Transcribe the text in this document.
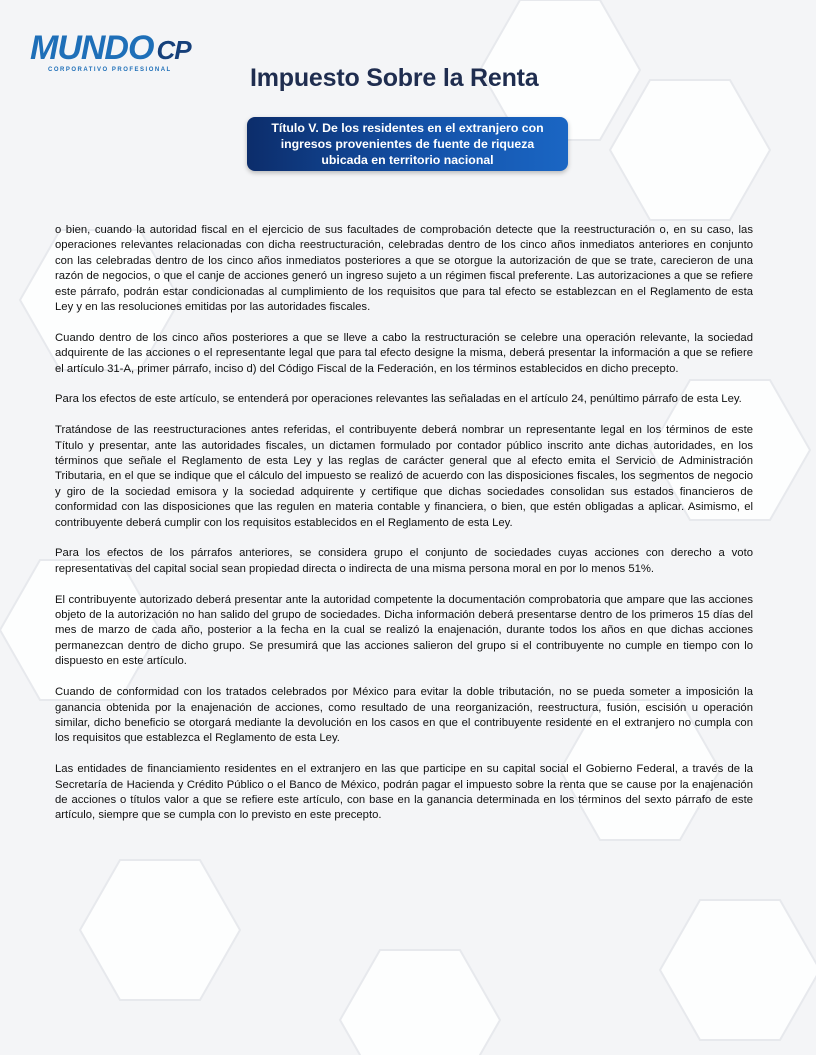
MUNDO CP
CORPORATIVO PROFESIONAL	Impuesto Sobre la Renta
Título V. De los residentes en el extranjero con
ingresos provenientes de fuente de riqueza
ubicada en territorio nacional

o bien, cuando la autoridad fiscal en el ejercicio de sus facultades de comprobación detecte que la reestructuración o, en su caso, las operaciones relevantes relacionadas con dicha reestructuración, celebradas dentro de los cinco años inmediatos anteriores en conjunto con las celebradas dentro de los cinco años inmediatos posteriores a que se otorgue la autorización de que se trate, carecieron de una razón de negocios, o que el canje de acciones generó un ingreso sujeto a un régimen fiscal preferente. Las autorizaciones a que se refiere este párrafo, podrán estar condicionadas al cumplimiento de los requisitos que para tal efecto se establezcan en el Reglamento de esta Ley y en las resoluciones emitidas por las autoridades fiscales.

Cuando dentro de los cinco años posteriores a que se lleve a cabo la restructuración se celebre una operación relevante, la sociedad adquirente de las acciones o el representante legal que para tal efecto designe la misma, deberá presentar la información a que se refiere el artículo 31-A, primer párrafo, inciso d) del Código Fiscal de la Federación, en los términos establecidos en dicho precepto.

Para los efectos de este artículo, se entenderá por operaciones relevantes las señaladas en el artículo 24, penúltimo párrafo de esta Ley.

Tratándose de las reestructuraciones antes referidas, el contribuyente deberá nombrar un representante legal en los términos de este Título y presentar, ante las autoridades fiscales, un dictamen formulado por contador público inscrito ante dichas autoridades, en los términos que señale el Reglamento de esta Ley y las reglas de carácter general que al efecto emita el Servicio de Administración Tributaria, en el que se indique que el cálculo del impuesto se realizó de acuerdo con las disposiciones fiscales, los segmentos de negocio y giro de la sociedad emisora y la sociedad adquirente y certifique que dichas sociedades consolidan sus estados financieros de conformidad con las disposiciones que las regulen en materia contable y financiera, o bien, que estén obligadas a aplicar. Asimismo, el contribuyente deberá cumplir con los requisitos establecidos en el Reglamento de esta Ley.

Para los efectos de los párrafos anteriores, se considera grupo el conjunto de sociedades cuyas acciones con derecho a voto representativas del capital social sean propiedad directa o indirecta de una misma persona moral en por lo menos 51%.

El contribuyente autorizado deberá presentar ante la autoridad competente la documentación comprobatoria que ampare que las acciones objeto de la autorización no han salido del grupo de sociedades. Dicha información deberá presentarse dentro de los primeros 15 días del mes de marzo de cada año, posterior a la fecha en la cual se realizó la enajenación, durante todos los años en que dichas acciones permanezcan dentro de dicho grupo. Se presumirá que las acciones salieron del grupo si el contribuyente no cumple en tiempo con lo dispuesto en este artículo.

Cuando de conformidad con los tratados celebrados por México para evitar la doble tributación, no se pueda someter a imposición la ganancia obtenida por la enajenación de acciones, como resultado de una reorganización, reestructura, fusión, escisión u operación similar, dicho beneficio se otorgará mediante la devolución en los casos en que el contribuyente residente en el extranjero no cumpla con los requisitos que establezca el Reglamento de esta Ley.

Las entidades de financiamiento residentes en el extranjero en las que participe en su capital social el Gobierno Federal, a través de la Secretaría de Hacienda y Crédito Público o el Banco de México, podrán pagar el impuesto sobre la renta que se cause por la enajenación de acciones o títulos valor a que se refiere este artículo, con base en la ganancia determinada en los términos del sexto párrafo de este artículo, siempre que se cumpla con lo previsto en este precepto.
